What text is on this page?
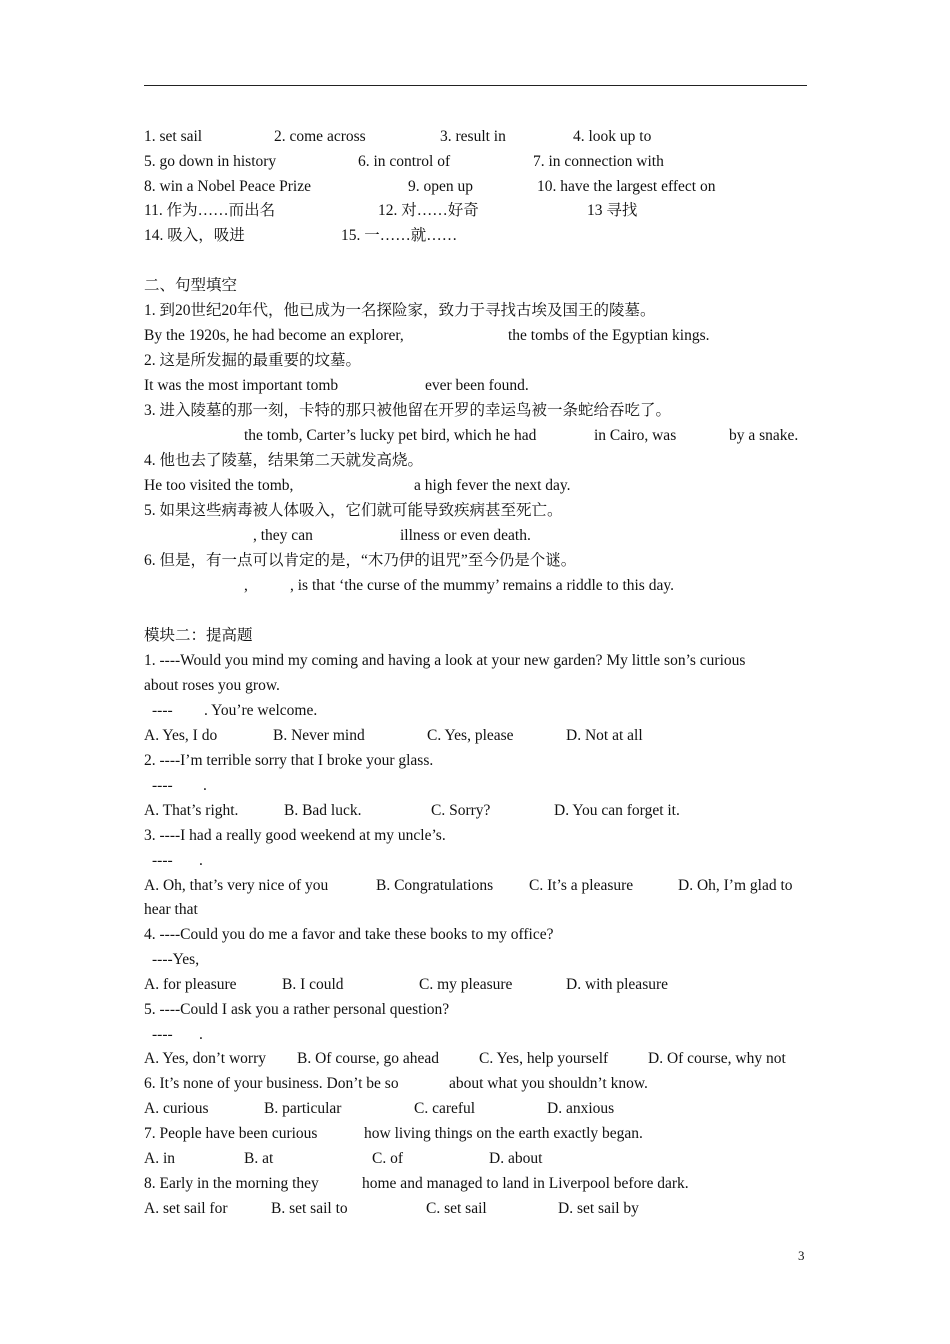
1. set sail	2. come across	3. result in	4. look up to
5. go down in history	6. in control of	7. in connection with
8. win a Nobel Peace Prize	9. open up	10. have the largest effect on
11. 作为……而出名	12. 对……好奇	13 寻找
14. 吸入，吸进	15. 一……就……
二、句型填空
1. 到20世纪20年代，他已成为一名探险家，致力于寻找古埃及国王的陵墓。
By the 1920s, he had become an explorer,	the tombs of the Egyptian kings.
2. 这是所发掘的最重要的坟墓。
It was the most important tomb	ever been found.
3. 进入陵墓的那一刻，卡特的那只被他留在开罗的幸运鸟被一条蛇给吞吃了。
the tomb, Carter’s lucky pet bird, which he had	in Cairo, was	by a snake.
4. 他也去了陵墓，结果第二天就发高烧。
He too visited the tomb,	a high fever the next day.
5. 如果这些病毒被人体吸入，它们就可能导致疾病甚至死亡。
, they can	illness or even death.
6. 但是，有一点可以肯定的是，“木乃伊的诅咒”至今仍是个谜。
,	, is that ‘the curse of the mummy’ remains a riddle to this day.
模块二：提高题
1. ----Would you mind my coming and having a look at your new garden? My little son’s curious
about roses you grow.
---- . You’re welcome.
A. Yes, I do	B. Never mind	C. Yes, please	D. Not at all
2. ----I’m terrible sorry that I broke your glass.
---- .
A. That’s right.	B. Bad luck.	C. Sorry?	D. You can forget it.
3. ----I had a really good weekend at my uncle’s.
---- .
A. Oh, that’s very nice of you	B. Congratulations C. It’s a pleasure	D. Oh, I’m glad to
hear that
4. ----Could you do me a favor and take these books to my office?
----Yes,
A. for pleasure	B. I could	C. my pleasure	D. with pleasure
5. ----Could I ask you a rather personal question?
---- .
A. Yes, don’t worry B. Of course, go ahead	C. Yes, help yourself	D. Of course, why not
6. It’s none of your business. Don’t be so	about what you shouldn’t know.
A. curious	B. particular	C. careful	D. anxious
7. People have been curious	how living things on the earth exactly began.
A. in	B. at	C. of	D. about
8. Early in the morning they	home and managed to land in Liverpool before dark.
A. set sail for	B. set sail to	C. set sail	D. set sail by
3
